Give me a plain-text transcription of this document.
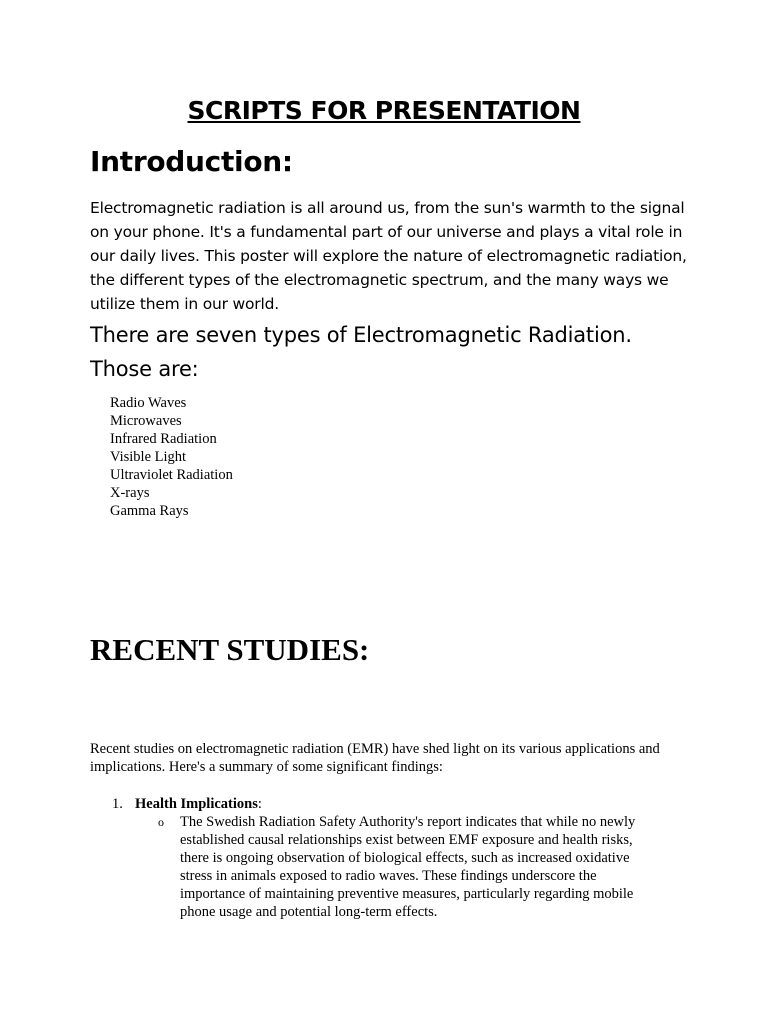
SCRIPTS FOR PRESENTATION
Introduction:
Electromagnetic radiation is all around us, from the sun's warmth to the signal on your phone. It's a fundamental part of our universe and plays a vital role in our daily lives. This poster will explore the nature of electromagnetic radiation, the different types of the electromagnetic spectrum, and the many ways we utilize them in our world.
There are seven types of Electromagnetic Radiation.
Those are:
Radio Waves
Microwaves
Infrared Radiation
Visible Light
Ultraviolet Radiation
X-rays
Gamma Rays
RECENT STUDIES:
Recent studies on electromagnetic radiation (EMR) have shed light on its various applications and implications. Here's a summary of some significant findings:
1. Health Implications:
o The Swedish Radiation Safety Authority's report indicates that while no newly established causal relationships exist between EMF exposure and health risks, there is ongoing observation of biological effects, such as increased oxidative stress in animals exposed to radio waves. These findings underscore the importance of maintaining preventive measures, particularly regarding mobile phone usage and potential long-term effects.
